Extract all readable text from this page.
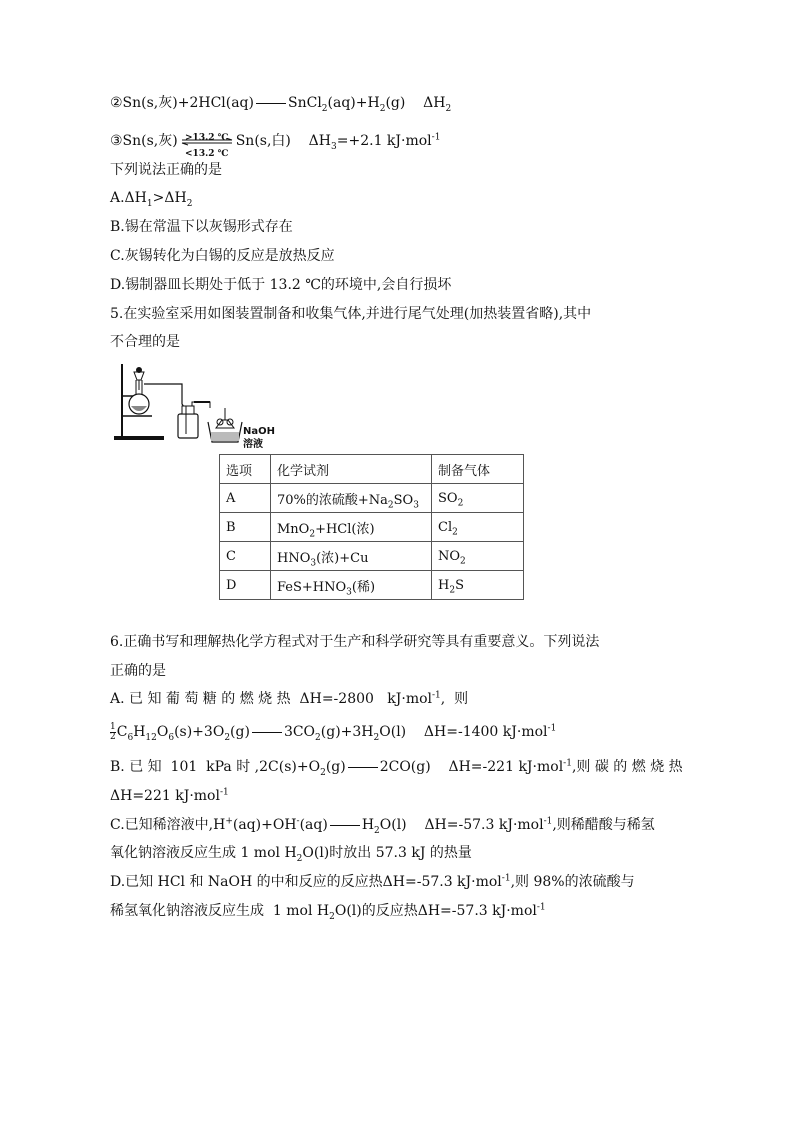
②Sn(s,灰)+2HCl(aq) $SnCl_2(aq)+H_2(g)$    $\Delta H_2$
③Sn(s,灰) >13.2 ℃
<13.2 ℃
Sn(s,白)    $\Delta H_3=+2.1$ kJ·mol$^{-1}$
下列说法正确的是
$A.\Delta H_1>\Delta H_2$
B.锡在常温下以灰锡形式存在
C.灰锡转化为白锡的反应是放热反应
D.锡制器皿长期处于低于 13.2 ℃的环境中,会自行损坏
5.在实验室采用如图装置制备和收集气体,并进行尾气处理(加热装置省略),其中
不合理的是
NaOH
溶液
选项	化学试剂	制备气体
A	70%的浓硫酸$+Na_2SO_3$	$SO_2$
B	MnO$_2$+HCl(浓)	$Cl_2$
C	$HNO_3$(浓)+Cu	$NO_2$
D	$FeS+HNO_3$(稀)	$H_2S$
6.正确书写和理解热化学方程式对于生产和科学研究等具有重要意义。下列说法
正确的是
A. 已 知 葡 萄 糖 的 燃 烧 热  ΔH=-2800   kJ·mol$^{-1}$,  则
$\frac{1}{2} C_6H_{12}O_6(s)+3O_2(g)$ $3CO_2(g)+3H_2O(l)$    ΔH=-1400 kJ·mol$^{-1}$
B. 已 知  101  kPa 时 $,2C(s)+O_2(g)$ 2CO(g)    ΔH=-221 kJ·mol$^{-1}$,则 碳 的 燃 烧 热
ΔH=221 kJ·mol$^{-1}$
C.已知稀溶液中,H+(aq)+OH-(aq) $H_2O(l)$    ΔH=-57.3 kJ·mol$^{-1}$,则稀醋酸与稀氢
氧化钠溶液反应生成 1 mol $H_2O(l)$时放出 57.3 kJ 的热量
D.已知 HCl 和 NaOH 的中和反应的反应热ΔH=-57.3 kJ·mol$^{-1}$,则 98%的浓硫酸与
稀氢氧化钠溶液反应生成  1 mol $H_2O(l)$的反应热ΔH=-57.3 kJ·mol$^{-1}$
